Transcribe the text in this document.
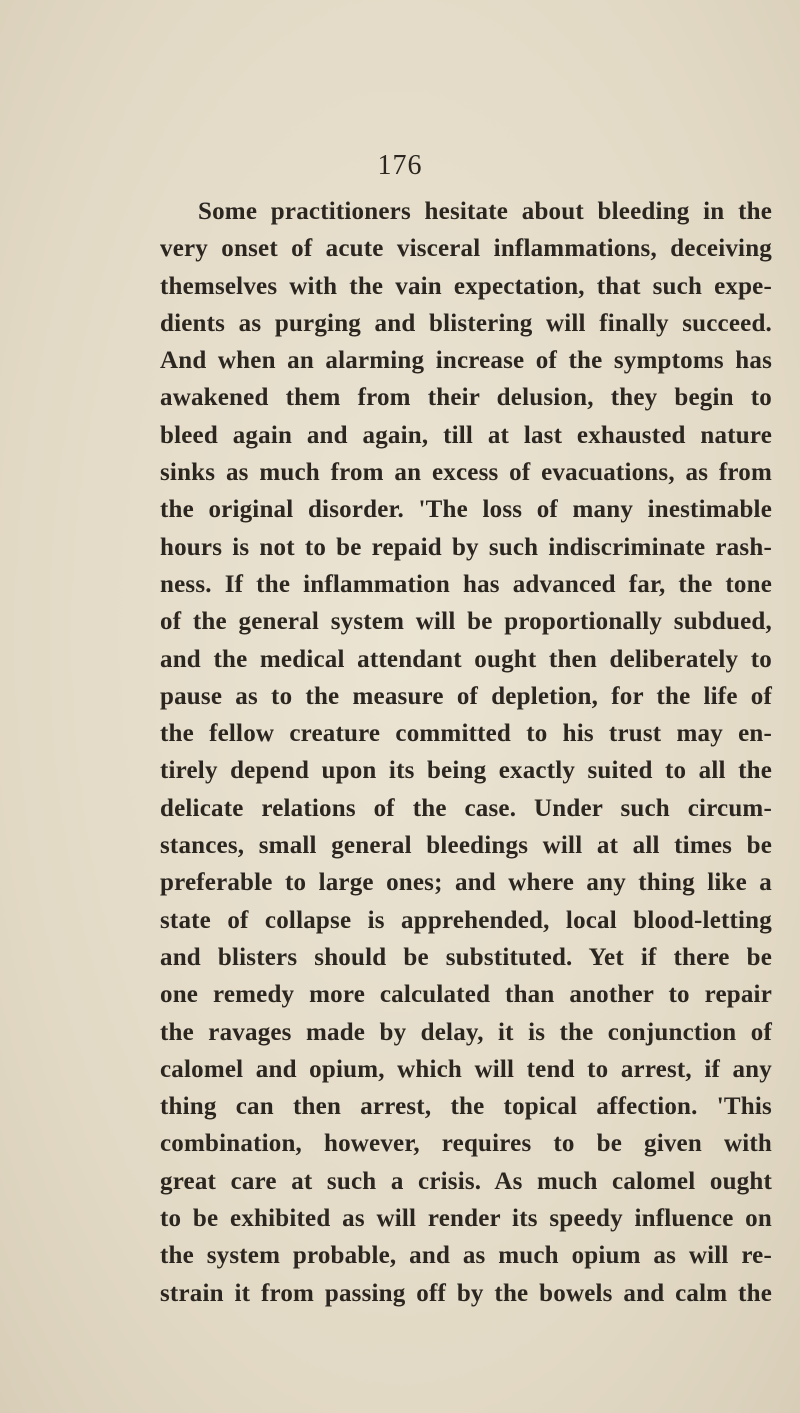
176
Some practitioners hesitate about bleeding in the
very onset of acute visceral inflammations, deceiving
themselves with the vain expectation, that such expe-
dients as purging and blistering will finally succeed.
And when an alarming increase of the symptoms has
awakened them from their delusion, they begin to
bleed again and again, till at last exhausted nature
sinks as much from an excess of evacuations, as from
the original disorder. 'The loss of many inestimable
hours is not to be repaid by such indiscriminate rash-
ness. If the inflammation has advanced far, the tone
of the general system will be proportionally subdued,
and the medical attendant ought then deliberately to
pause as to the measure of depletion, for the life of
the fellow creature committed to his trust may en-
tirely depend upon its being exactly suited to all the
delicate relations of the case. Under such circum-
stances, small general bleedings will at all times be
preferable to large ones; and where any thing like a
state of collapse is apprehended, local blood-letting
and blisters should be substituted. Yet if there be
one remedy more calculated than another to repair
the ravages made by delay, it is the conjunction of
calomel and opium, which will tend to arrest, if any
thing can then arrest, the topical affection. 'This
combination, however, requires to be given with
great care at such a crisis. As much calomel ought
to be exhibited as will render its speedy influence on
the system probable, and as much opium as will re-
strain it from passing off by the bowels and calm the
